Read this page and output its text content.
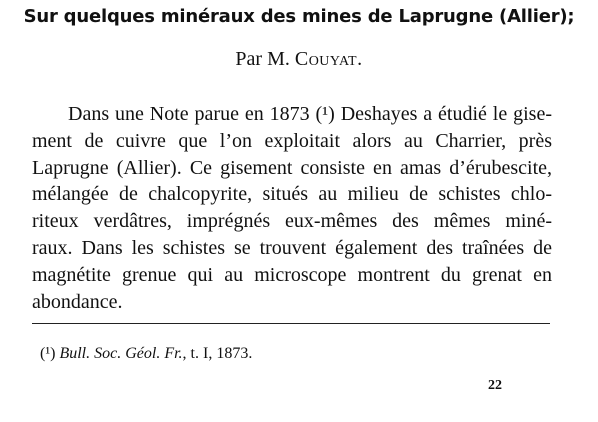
Sur quelques minéraux des mines de Laprugne (Allier);
Par M. Couyat.
Dans une Note parue en 1873 (¹) Deshayes a étudié le gise-
ment de cuivre que l’on exploitait alors au Charrier, près
Laprugne (Allier). Ce gisement consiste en amas d’érubescite,
mélangée de chalcopyrite, situés au milieu de schistes chlo-
riteux verdâtres, imprégnés eux-mêmes des mêmes miné-
raux. Dans les schistes se trouvent également des traînées de
magnétite grenue qui au microscope montrent du grenat en
abondance.
(¹) Bull. Soc. Géol. Fr., t. I, 1873.
22
